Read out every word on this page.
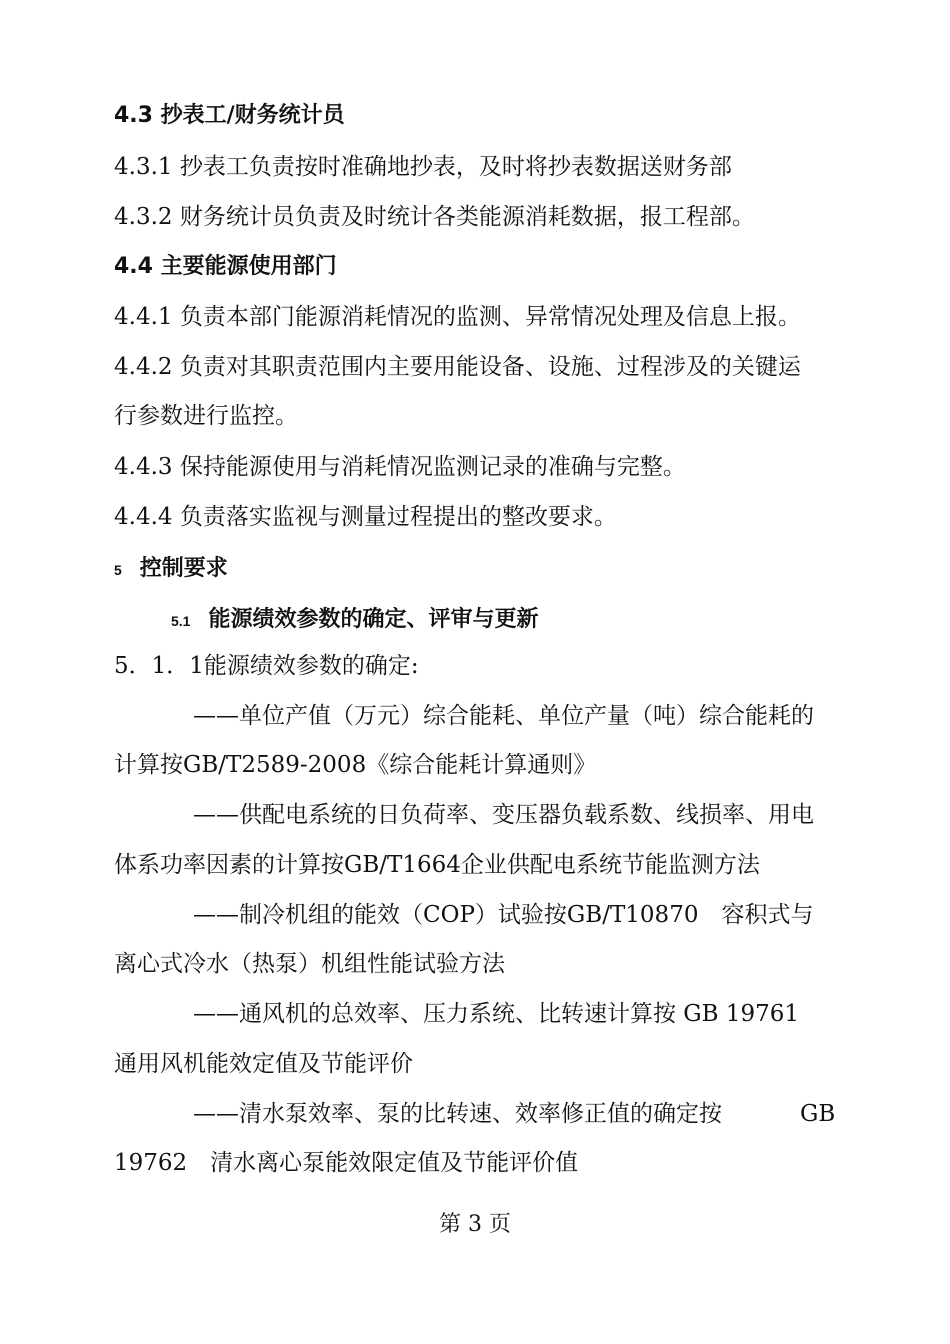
4.3 抄表工/财务统计员
4.3.1 抄表工负责按时准确地抄表，及时将抄表数据送财务部
4.3.2 财务统计员负责及时统计各类能源消耗数据，报工程部。
4.4 主要能源使用部门
4.4.1 负责本部门能源消耗情况的监测、异常情况处理及信息上报。
4.4.2 负责对其职责范围内主要用能设备、设施、过程涉及的关键运
行参数进行监控。
4.4.3 保持能源使用与消耗情况监测记录的准确与完整。
4.4.4 负责落实监视与测量过程提出的整改要求。
5 控制要求
5.1 能源绩效参数的确定、评审与更新
5．1．1能源绩效参数的确定:
——单位产值（万元）综合能耗、单位产量（吨）综合能耗的
计算按GB/T2589-2008《综合能耗计算通则》
——供配电系统的日负荷率、变压器负载系数、线损率、用电
体系功率因素的计算按GB/T1664企业供配电系统节能监测方法
——制冷机组的能效（COP）试验按GB/T10870　容积式与
离心式冷水（热泵）机组性能试验方法
——通风机的总效率、压力系统、比转速计算按 GB 19761
通用风机能效定值及节能评价
——清水泵效率、泵的比转速、效率修正值的确定按	GB
19762　清水离心泵能效限定值及节能评价值
第 3 页
